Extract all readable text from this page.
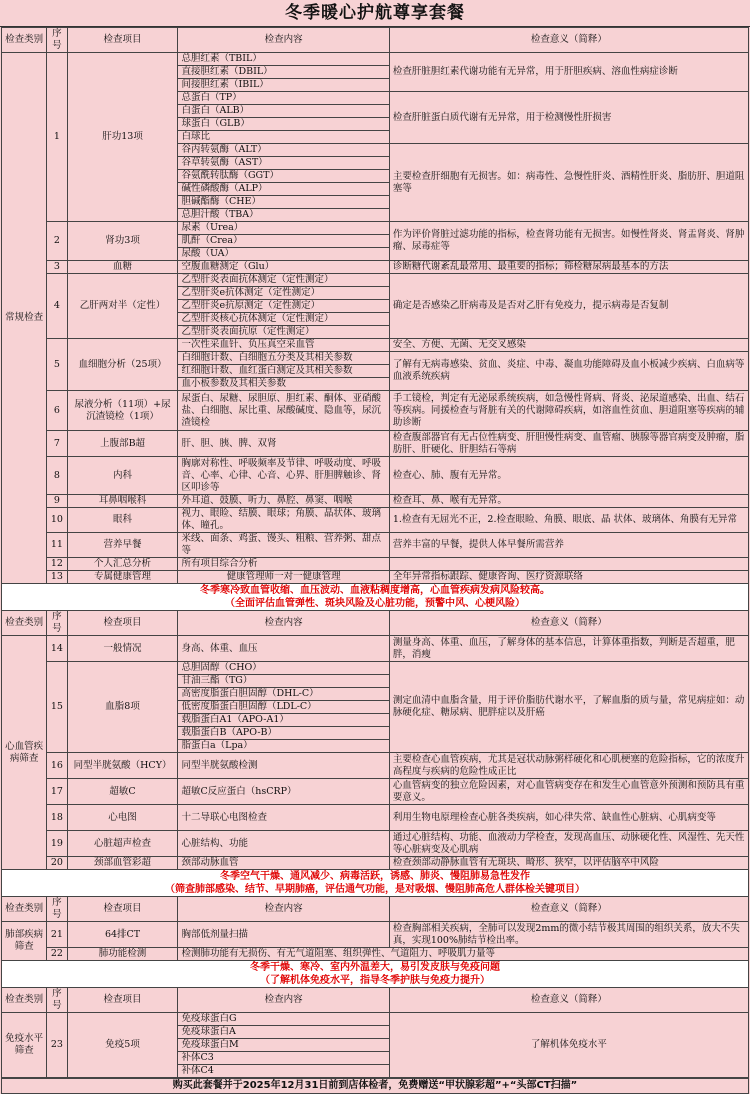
冬季暖心护航尊享套餐
检查类别	序号	检查项目	检查内容	检查意义（简释）
常规检查	1	肝功13项	总胆红素（TBIL）	检查肝脏胆红素代谢功能有无异常，用于肝胆疾病、溶血性病症诊断
			直接胆红素（DBIL）	
			间接胆红素（IBIL）	
			总蛋白（TP）	检查肝脏蛋白质代谢有无异常，用于检测慢性肝损害
			白蛋白（ALB）	
			球蛋白（GLB）	
			白球比	
			谷丙转氨酶（ALT）	主要检查肝细胞有无损害。如：病毒性、急慢性肝炎、酒精性肝炎、脂肪肝、胆道阻塞等
			谷草转氨酶（AST）	
			谷氨酰转肽酶（GGT）	
			碱性磷酸酶（ALP）	
			胆碱酯酶（CHE）	
			总胆汁酸（TBA）	
	2	肾功3项	尿素（Urea）	作为评价肾脏过滤功能的指标，检查肾功能有无损害。如慢性肾炎、肾盂肾炎、肾肿瘤、尿毒症等
			肌酐（Crea）	
			尿酸（UA）	
	3	血糖	空腹血糖测定（Glu）	诊断糖代谢紊乱最常用、最重要的指标；筛检糖尿病最基本的方法
	4	乙肝两对半（定性）	乙型肝炎表面抗体测定（定性测定）	确定是否感染乙肝病毒及是否对乙肝有免疫力，提示病毒是否复制
			乙型肝炎e抗体测定（定性测定）	
			乙型肝炎e抗原测定（定性测定）	
			乙型肝炎核心抗体测定（定性测定）	
			乙型肝炎表面抗原（定性测定）	
	5	血细胞分析（25项）	一次性采血针、负压真空采血管	安全、方便、无菌、无交叉感染
			白细胞计数、白细胞五分类及其相关参数	了解有无病毒感染、贫血、炎症、中毒、凝血功能障碍及血小板减少疾病、白血病等血液系统疾病
			红细胞计数、血红蛋白测定及其相关参数	
			血小板参数及其相关参数	
	6	尿液分析（11项）+尿沉渣镜检（1项）	尿蛋白、尿糖、尿胆原、胆红素、酮体、亚硝酸盐、白细胞、尿比重、尿酸碱度、隐血等，尿沉渣镜检	手工镜检，判定有无泌尿系统疾病，如急慢性肾病、肾炎、泌尿道感染、出血、结石等疾病。同援检查与肾脏有关的代谢障碍疾病，如溶血性贫血、胆道阻塞等疾病的辅助诊断
	7	上腹部B超	肝、胆、胰、脾、双肾	检查腹部器官有无占位性病变、肝胆慢性病变、血管瘤、胰腺等器官病变及肿瘤，脂肪肝、肝硬化、肝胆结石等病
	8	内科	胸廓对称性、呼吸频率及节律、呼吸动度、呼吸音、心率、心律、心音、心界、肝胆脾触诊、肾区叩诊等	检查心、肺、腹有无异常。
	9	耳鼻咽喉科	外耳道、鼓膜、听力、鼻腔、鼻窦、咽喉	检查耳、鼻、喉有无异常。
	10	眼科	视力、眼睑、结膜、眼球；角膜、晶状体、玻璃体、瞳孔。	1.检查有无屈光不正，2.检查眼睑、角膜、眼底、晶 状体、玻璃体、角膜有无异常
	11	营养早餐	米线、面条、鸡蛋、馒头、粗粮、营养粥、甜点等	营养丰富的早餐，提供人体早餐所需营养
	12	个人汇总分析	所有项目综合分析	
	13	专属健康管理	健康管理师一对一健康管理	全年异常指标跟踪、健康咨询、医疗资源联络
冬季寒冷致血管收缩、血压波动、血液粘稠度增高，心血管疾病发病风险较高。
（全面评估血管弹性、斑块风险及心脏功能，预警中风、心梗风险）
检查类别	序号	检查项目	检查内容	检查意义（简释）
心血管疾病筛查	14	一般情况	身高、体重、血压	测量身高、体重、血压，了解身体的基本信息，计算体重指数，判断是否超重，肥胖，消瘦
	15	血脂8项	总胆固醇（CHO）	测定血清中血脂含量，用于评价脂肪代谢水平，了解血脂的质与量，常见病症如：动脉硬化症、糖尿病、肥胖症以及肝癌
			甘油三酯（TG）	
			高密度脂蛋白胆固醇（DHL-C）	
			低密度脂蛋白胆固醇（LDL-C）	
			载脂蛋白A1（APO-A1）	
			载脂蛋白B（APO-B）	
			脂蛋白a（Lpa）	
	16	同型半胱氨酸（HCY）	同型半胱氨酸检测	主要检查心血管疾病，尤其是冠状动脉粥样硬化和心肌梗塞的危险指标，它的浓度升高程度与疾病的危险性成正比
	17	超敏C	超敏C反应蛋白（hsCRP）	心血管病变的独立危险因素，对心血管病变存在和发生心血管意外预测和预防具有重要意义。
	18	心电图	十二导联心电图检查	利用生物电原理检查心脏各类疾病，如心律失常、缺血性心脏病、心肌病变等
	19	心脏超声检查	心脏结构、功能	通过心脏结构、功能、血液动力学检查，发现高血压、动脉硬化性、风湿性、先天性等心脏病变及心肌病
	20	颈部血管彩超	颈部动脉血管	检查颈部动静脉血管有无斑块、畸形、狭窄，以评估脑卒中风险
冬季空气干燥、通风减少、病毒活跃，诱感、肺炎、慢阻肺易急性发作
（筛查肺部感染、结节、早期肺癌，评估通气功能，是对吸烟、慢阻肺高危人群体检关键项目）
检查类别	序号	检查项目	检查内容	检查意义（简释）
肺部疾病筛查	21	64排CT	胸部低剂量扫描	检查胸部相关疾病，全肺可以发现2mm的微小结节极其周围的组织关系，放大不失真，实现100%肺结节检出率。
	22	肺功能检测	检测肺功能有无损伤、有无气道阻塞、组织弹性、气道阻力、呼吸肌力量等	
冬季干燥、寒冷、室内外温差大，易引发皮肤与免疫问题
（了解机体免疫水平，指导冬季护肤与免疫力提升）
检查类别	序号	检查项目	检查内容	检查意义（简释）
免疫水平筛查	23	免疫5项	免疫球蛋白G	了解机体免疫水平
			免疫球蛋白A	
			免疫球蛋白M	
			补体C3	
			补体C4	
购买此套餐并于2025年12月31日前到店体检者，免费赠送“甲状腺彩超”+“头部CT扫描”
